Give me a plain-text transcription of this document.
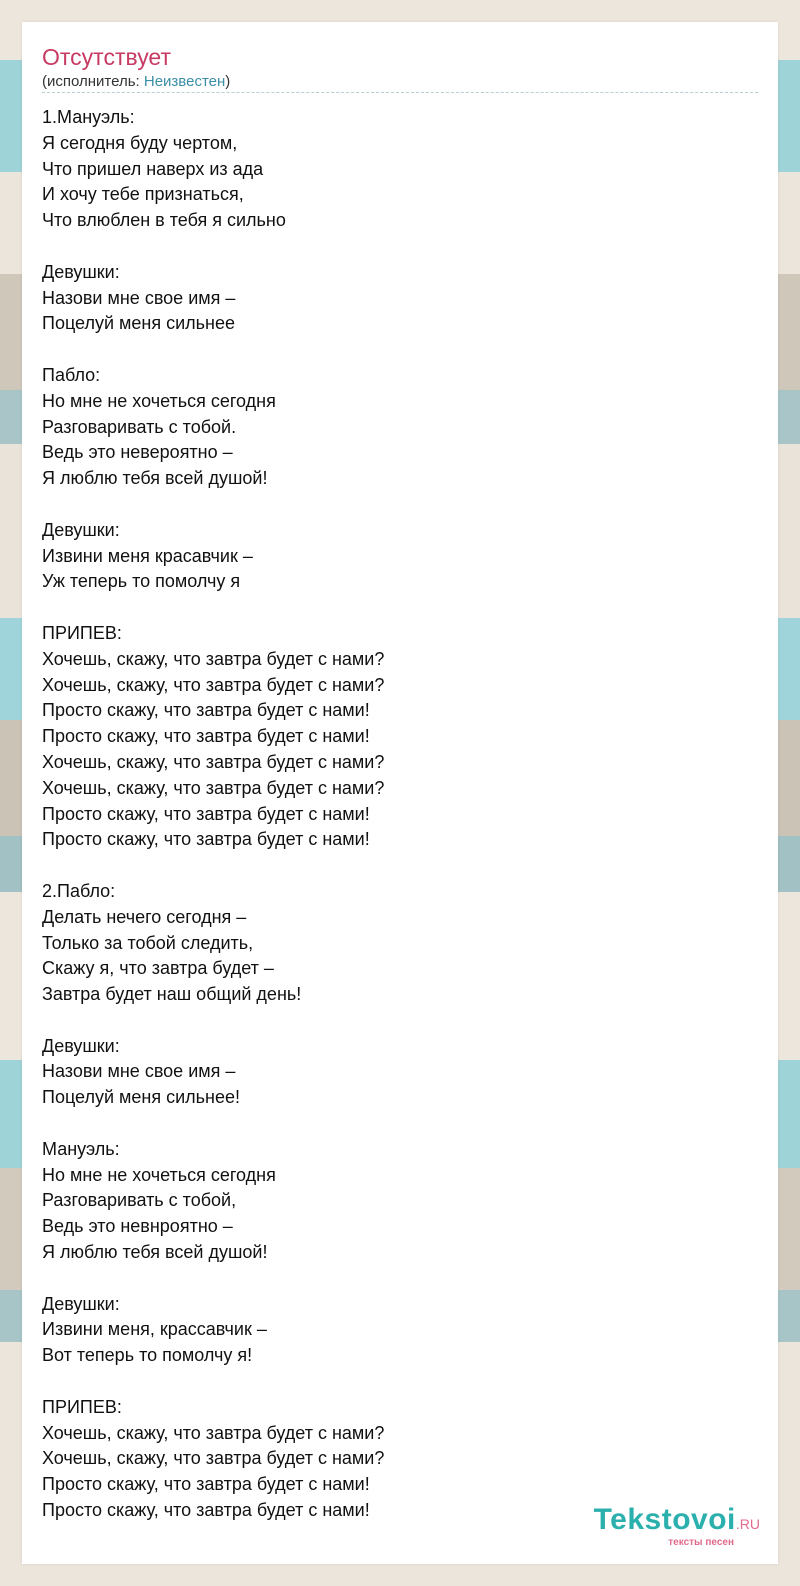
Отсутствует
(исполнитель: Неизвестен)
1.Мануэль:
Я сегодня буду чертом,
Что пришел наверх из ада
И хочу тебе признаться,
Что влюблен в тебя я сильно
Девушки:
Назови мне свое имя –
Поцелуй меня сильнее
Пабло:
Но мне не хочеться сегодня
Разговаривать с тобой.
Ведь это невероятно –
Я люблю тебя всей душой!
Девушки:
Извини меня красавчик –
Уж теперь то помолчу я
ПРИПЕВ:
Хочешь, скажу, что завтра будет с нами?
Хочешь, скажу, что завтра будет с нами?
Просто скажу, что завтра будет с нами!
Просто скажу, что завтра будет с нами!
Хочешь, скажу, что завтра будет с нами?
Хочешь, скажу, что завтра будет с нами?
Просто скажу, что завтра будет с нами!
Просто скажу, что завтра будет с нами!
2.Пабло:
Делать нечего сегодня –
Только за тобой следить,
Скажу я, что завтра будет –
Завтра будет наш общий день!
Девушки:
Назови мне свое имя –
Поцелуй меня сильнее!
Мануэль:
Но мне не хочеться сегодня
Разговаривать с тобой,
Ведь это невнроятно –
Я люблю тебя всей душой!
Девушки:
Извини меня, крассавчик –
Вот теперь то помолчу я!
ПРИПЕВ:
Хочешь, скажу, что завтра будет с нами?
Хочешь, скажу, что завтра будет с нами?
Просто скажу, что завтра будет с нами!
Просто скажу, что завтра будет с нами!	Tekstovoi.RU
тексты песен
